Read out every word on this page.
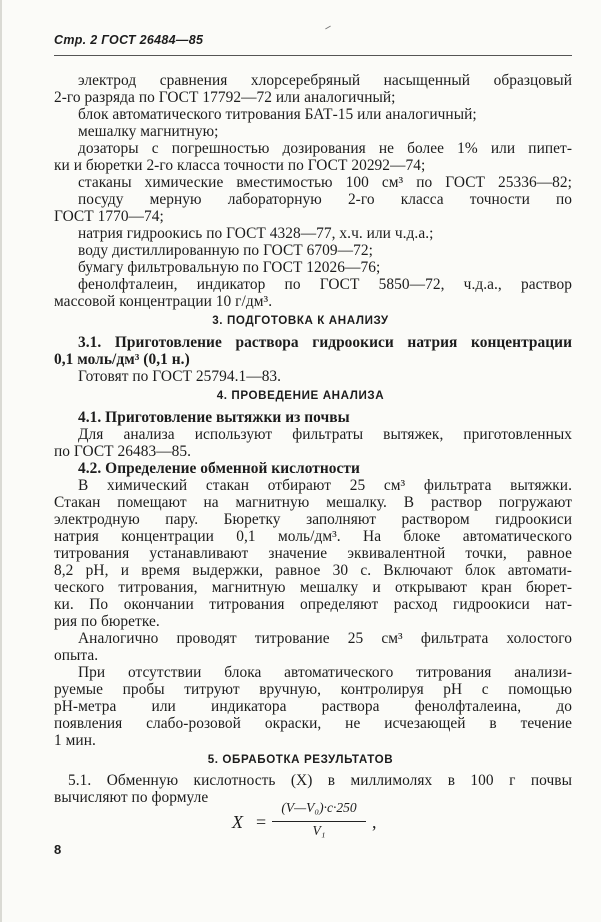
Стр. 2 ГОСТ 26484—85
электрод сравнения хлорсеребряный насыщенный образцовый
2-го разряда по ГОСТ 17792—72 или аналогичный;
блок автоматического титрования БАТ-15 или аналогичный;
мешалку магнитную;
дозаторы с погрешностью дозирования не более 1% или пипет-
ки и бюретки 2-го класса точности по ГОСТ 20292—74;
стаканы химические вместимостью 100 см³ по ГОСТ 25336—82;
посуду мерную лабораторную 2-го класса точности по
ГОСТ 1770—74;
натрия гидроокись по ГОСТ 4328—77, х.ч. или ч.д.а.;
воду дистиллированную по ГОСТ 6709—72;
бумагу фильтровальную по ГОСТ 12026—76;
фенолфталеин, индикатор по ГОСТ 5850—72, ч.д.а., раствор
массовой концентрации 10 г/дм³.
3. ПОДГОТОВКА К АНАЛИЗУ
3.1. Приготовление раствора гидроокиси натрия концентрации
0,1 моль/дм³ (0,1 н.)
Готовят по ГОСТ 25794.1—83.
4. ПРОВЕДЕНИЕ АНАЛИЗА
4.1. Приготовление вытяжки из почвы
Для анализа используют фильтраты вытяжек, приготовленных
по ГОСТ 26483—85.
4.2. Определение обменной кислотности
В химический стакан отбирают 25 см³ фильтрата вытяжки.
Стакан помещают на магнитную мешалку. В раствор погружают
электродную пару. Бюретку заполняют раствором гидроокиси
натрия концентрации 0,1 моль/дм³. На блоке автоматического
титрования устанавливают значение эквивалентной точки, равное
8,2 pH, и время выдержки, равное 30 с. Включают блок автомати-
ческого титрования, магнитную мешалку и открывают кран бюрет-
ки. По окончании титрования определяют расход гидроокиси нат-
рия по бюретке.
Аналогично проводят титрование 25 см³ фильтрата холостого
опыта.
При отсутствии блока автоматического титрования анализи-
руемые пробы титруют вручную, контролируя pH с помощью
pH-метра или индикатора раствора фенолфталеина, до
появления слабо-розовой окраски, не исчезающей в течение
1 мин.
5. ОБРАБОТКА РЕЗУЛЬТАТОВ
5.1. Обменную кислотность (X) в миллимолях в 100 г почвы
вычисляют по формуле
X =
(V—V₀)·c·250
V₁	,
8
